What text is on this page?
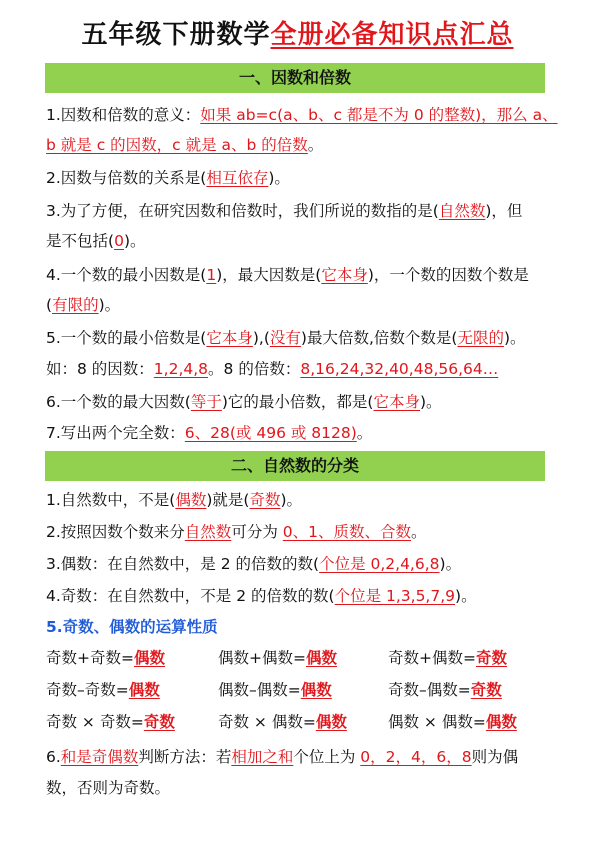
五年级下册数学全册必备知识点汇总
一、因数和倍数
1.因数和倍数的意义：如果 ab=c(a、b、c 都是不为 0 的整数)，那么 a、
b 就是 c 的因数，c 就是 a、b 的倍数。
2.因数与倍数的关系是(相互依存)。
3.为了方便，在研究因数和倍数时，我们所说的数指的是(自然数)，但
是不包括(0)。
4.一个数的最小因数是(1)，最大因数是(它本身)，一个数的因数个数是
(有限的)。
5.一个数的最小倍数是(它本身),(没有)最大倍数,倍数个数是(无限的)。
如：8 的因数：1,2,4,8。8 的倍数：8,16,24,32,40,48,56,64…
6.一个数的最大因数(等于)它的最小倍数，都是(它本身)。
7.写出两个完全数：6、28(或 496 或 8128)。
二、自然数的分类
1.自然数中，不是(偶数)就是(奇数)。
2.按照因数个数来分自然数可分为 0、1、质数、合数。
3.偶数：在自然数中，是 2 的倍数的数(个位是 0,2,4,6,8)。
4.奇数：在自然数中，不是 2 的倍数的数(个位是 1,3,5,7,9)。
5.奇数、偶数的运算性质
奇数+奇数=偶数	偶数+偶数=偶数	奇数+偶数=奇数
奇数–奇数=偶数	偶数–偶数=偶数	奇数–偶数=奇数
奇数 × 奇数=奇数	奇数 × 偶数=偶数	偶数 × 偶数=偶数
6.和是奇偶数判断方法：若相加之和个位上为 0，2，4，6，8则为偶
数，否则为奇数。
